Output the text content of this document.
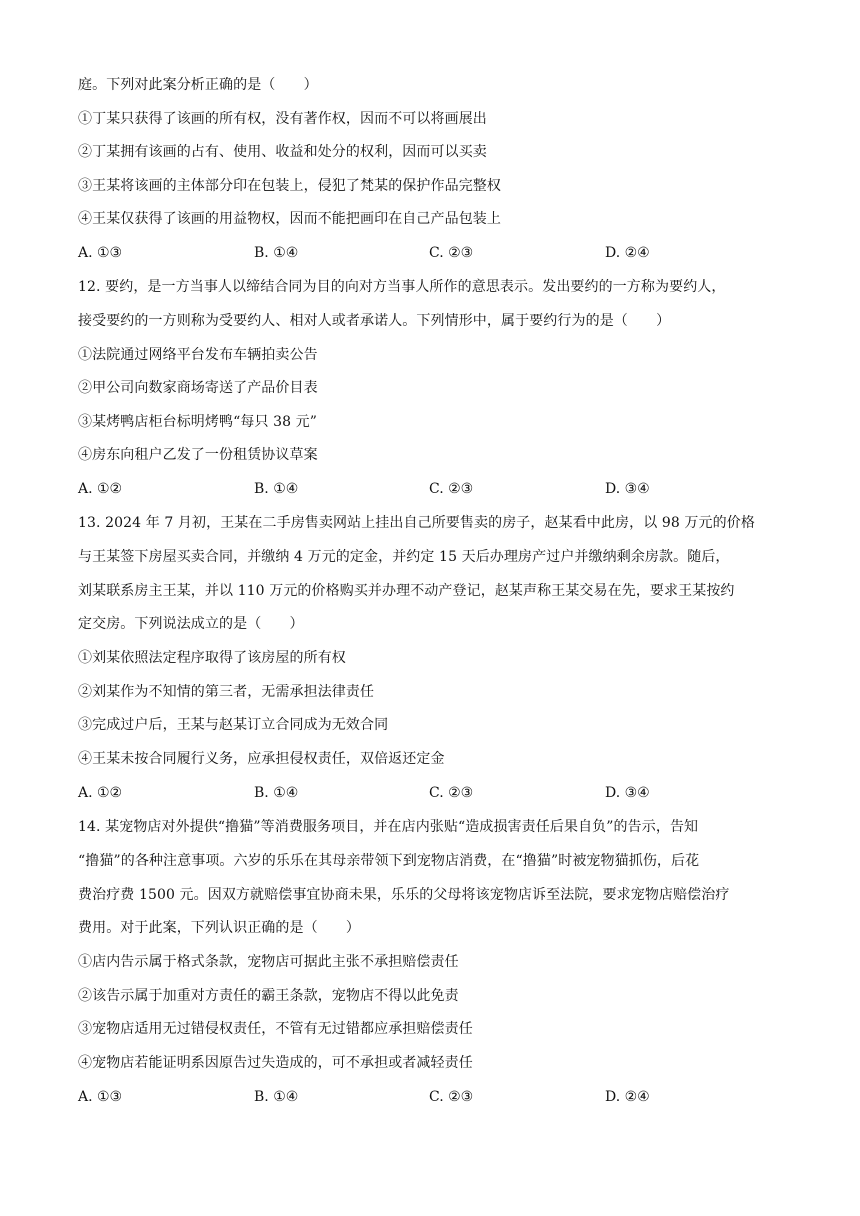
庭。下列对此案分析正确的是（　　）
①丁某只获得了该画的所有权，没有著作权，因而不可以将画展出
②丁某拥有该画的占有、使用、收益和处分的权利，因而可以买卖
③王某将该画的主体部分印在包装上，侵犯了梵某的保护作品完整权
④王某仅获得了该画的用益物权，因而不能把画印在自己产品包装上
A. ①③	B. ①④	C. ②③	D. ②④
12. 要约，是一方当事人以缔结合同为目的向对方当事人所作的意思表示。发出要约的一方称为要约人，
接受要约的一方则称为受要约人、相对人或者承诺人。下列情形中，属于要约行为的是（　　）
①法院通过网络平台发布车辆拍卖公告
②甲公司向数家商场寄送了产品价目表
③某烤鸭店柜台标明烤鸭“每只 38 元”
④房东向租户乙发了一份租赁协议草案
A. ①②	B. ①④	C. ②③	D. ③④
13. 2024 年 7 月初，王某在二手房售卖网站上挂出自己所要售卖的房子，赵某看中此房，以 98 万元的价格
与王某签下房屋买卖合同，并缴纳 4 万元的定金，并约定 15 天后办理房产过户并缴纳剩余房款。随后，
刘某联系房主王某，并以 110 万元的价格购买并办理不动产登记，赵某声称王某交易在先，要求王某按约
定交房。下列说法成立的是（　　）
①刘某依照法定程序取得了该房屋的所有权
②刘某作为不知情的第三者，无需承担法律责任
③完成过户后，王某与赵某订立合同成为无效合同
④王某未按合同履行义务，应承担侵权责任，双倍返还定金
A. ①②	B. ①④	C. ②③	D. ③④
14. 某宠物店对外提供“撸猫”等消费服务项目，并在店内张贴“造成损害责任后果自负”的告示，告知
“撸猫”的各种注意事项。六岁的乐乐在其母亲带领下到宠物店消费，在“撸猫”时被宠物猫抓伤，后花
费治疗费 1500 元。因双方就赔偿事宜协商未果，乐乐的父母将该宠物店诉至法院，要求宠物店赔偿治疗
费用。对于此案，下列认识正确的是（　　）
①店内告示属于格式条款，宠物店可据此主张不承担赔偿责任
②该告示属于加重对方责任的霸王条款，宠物店不得以此免责
③宠物店适用无过错侵权责任，不管有无过错都应承担赔偿责任
④宠物店若能证明系因原告过失造成的，可不承担或者减轻责任
A. ①③	B. ①④	C. ②③	D. ②④
